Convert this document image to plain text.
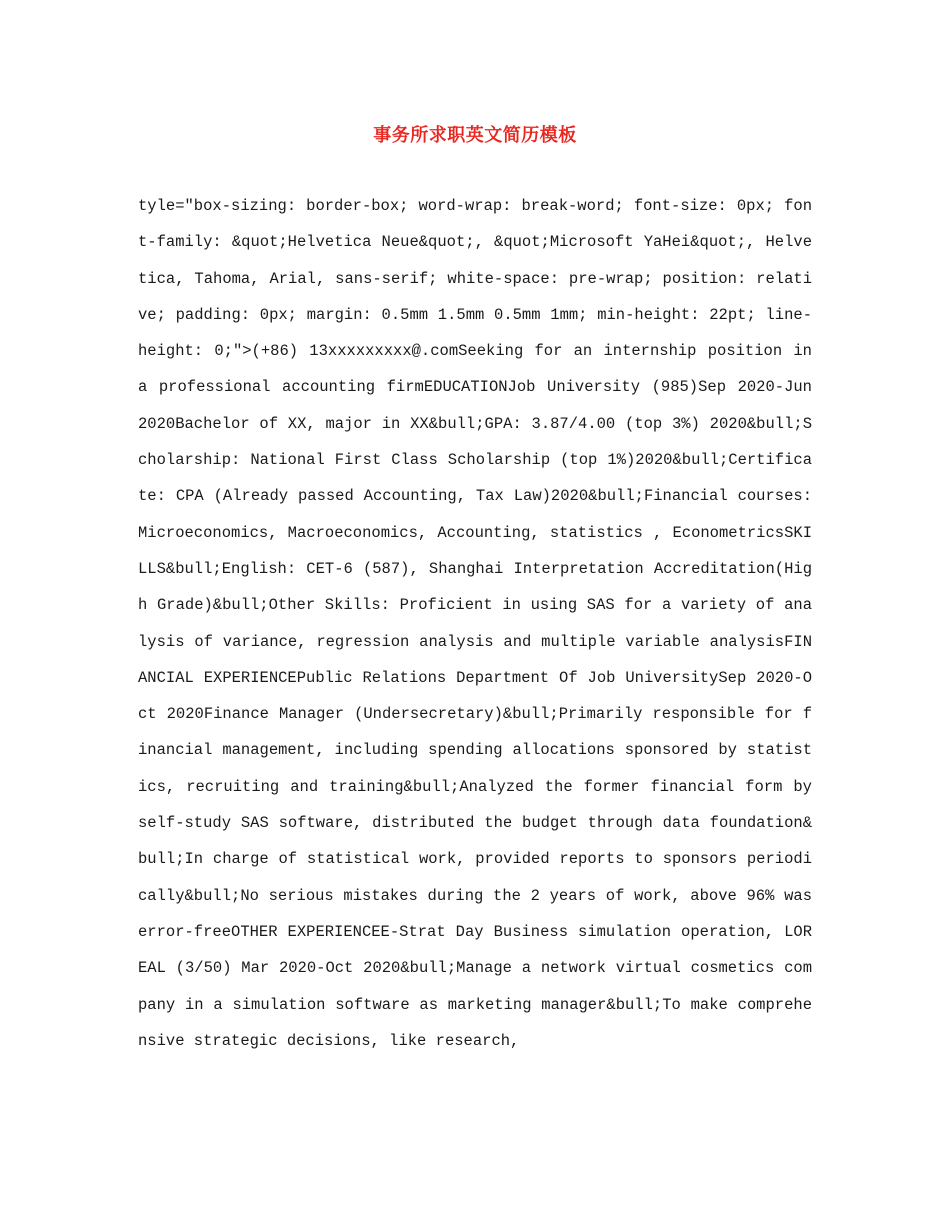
事务所求职英文简历模板

tyle="box-sizing: border-box; word-wrap: break-word; font-size: 0px; font-family: &quot;Helvetica Neue&quot;, &quot;Microsoft YaHei&quot;, Helvetica, Tahoma, Arial, sans-serif; white-space: pre-wrap; position: relative; padding: 0px; margin: 0.5mm 1.5mm 0.5mm 1mm; min-height: 22pt; line-height: 0;">(+86) 13xxxxxxxxx@.comSeeking for an internship position in a professional accounting firmEDUCATIONJob University (985)Sep 2020-Jun 2020Bachelor of XX, major in XX&bull;GPA: 3.87/4.00 (top 3%) 2020&bull;Scholarship: National First Class Scholarship (top 1%)2020&bull;Certificate: CPA (Already passed Accounting, Tax Law)2020&bull;Financial courses: Microeconomics, Macroeconomics, Accounting, statistics , EconometricsSKILLS&bull;English: CET-6 (587), Shanghai Interpretation Accreditation(High Grade)&bull;Other Skills: Proficient in using SAS for a variety of analysis of variance, regression analysis and multiple variable analysisFINANCIAL EXPERIENCEPublic Relations Department Of Job UniversitySep 2020-Oct 2020Finance Manager (Undersecretary)&bull;Primarily responsible for financial management, including spending allocations sponsored by statistics, recruiting and training&bull;Analyzed the former financial form by self-study SAS software, distributed the budget through data foundation&bull;In charge of statistical work, provided reports to sponsors periodically&bull;No serious mistakes during the 2 years of work, above 96% was error-freeOTHER EXPERIENCEE-Strat Day Business simulation operation, LOREAL (3/50) Mar 2020-Oct 2020&bull;Manage a network virtual cosmetics company in a simulation software as marketing manager&bull;To make comprehensive strategic decisions, like research,
